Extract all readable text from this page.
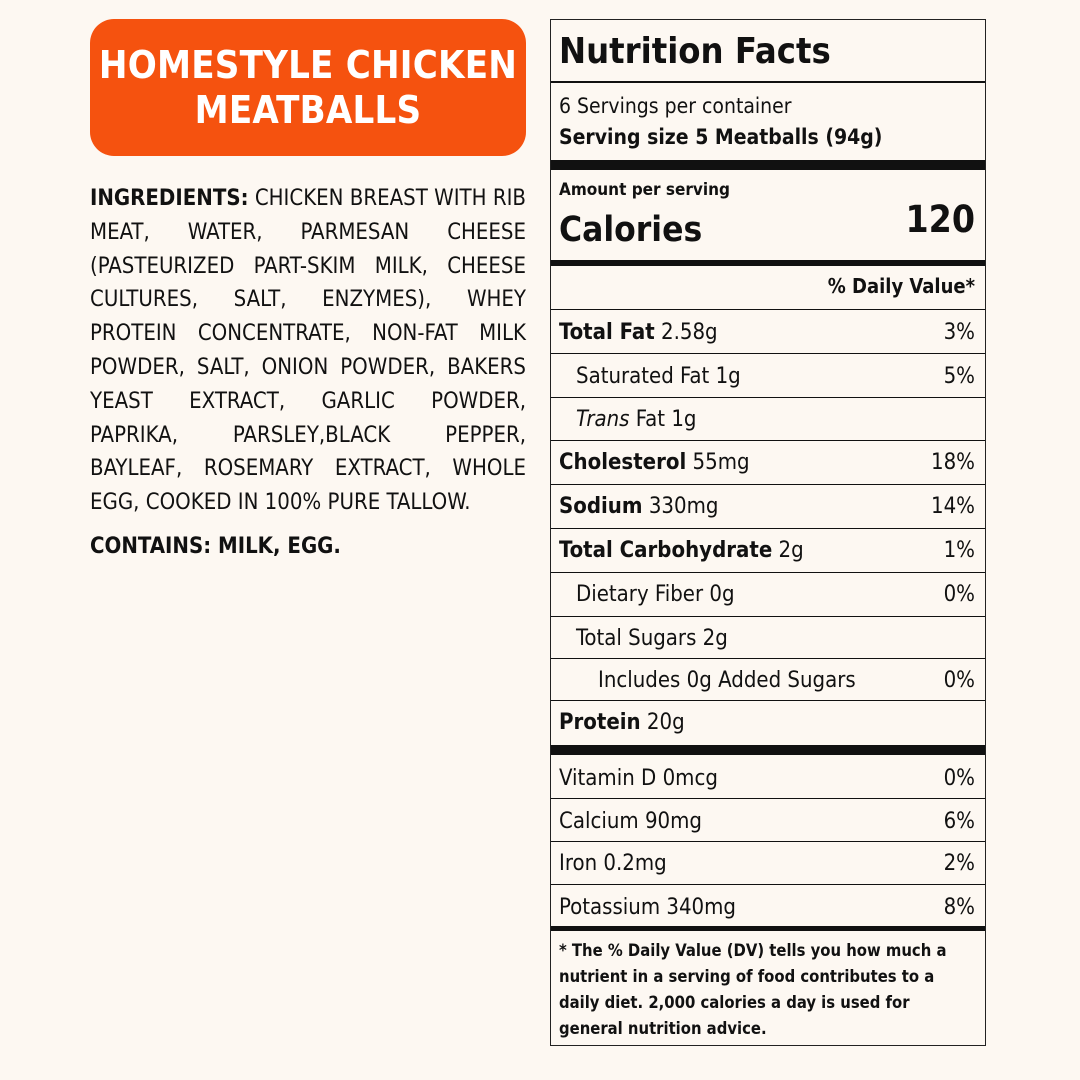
HOMESTYLE CHICKEN
MEATBALLS
INGREDIENTS: CHICKEN BREAST WITH RIB MEAT, WATER, PARMESAN CHEESE (PASTEURIZED PART-SKIM MILK, CHEESE CULTURES, SALT, ENZYMES), WHEY PROTEIN CONCENTRATE, NON-FAT MILK POWDER, SALT, ONION POWDER, BAKERS YEAST EXTRACT, GARLIC POWDER, PAPRIKA, PARSLEY,BLACK PEPPER, BAYLEAF, ROSEMARY EXTRACT, WHOLE EGG, COOKED IN 100% PURE TALLOW.
CONTAINS: MILK, EGG.
Nutrition Facts
6 Servings per container
Serving size 5 Meatballs (94g)
Amount per serving
Calories	120
% Daily Value*
Total Fat 2.58g	3%
Saturated Fat 1g	5%
Trans Fat 1g
Cholesterol 55mg	18%
Sodium 330mg	14%
Total Carbohydrate 2g	1%
Dietary Fiber 0g	0%
Total Sugars 2g
Includes 0g Added Sugars	0%
Protein 20g
Vitamin D 0mcg	0%
Calcium 90mg	6%
Iron 0.2mg	2%
Potassium 340mg	8%
* The % Daily Value (DV) tells you how much a nutrient in a serving of food contributes to a daily diet. 2,000 calories a day is used for general nutrition advice.
